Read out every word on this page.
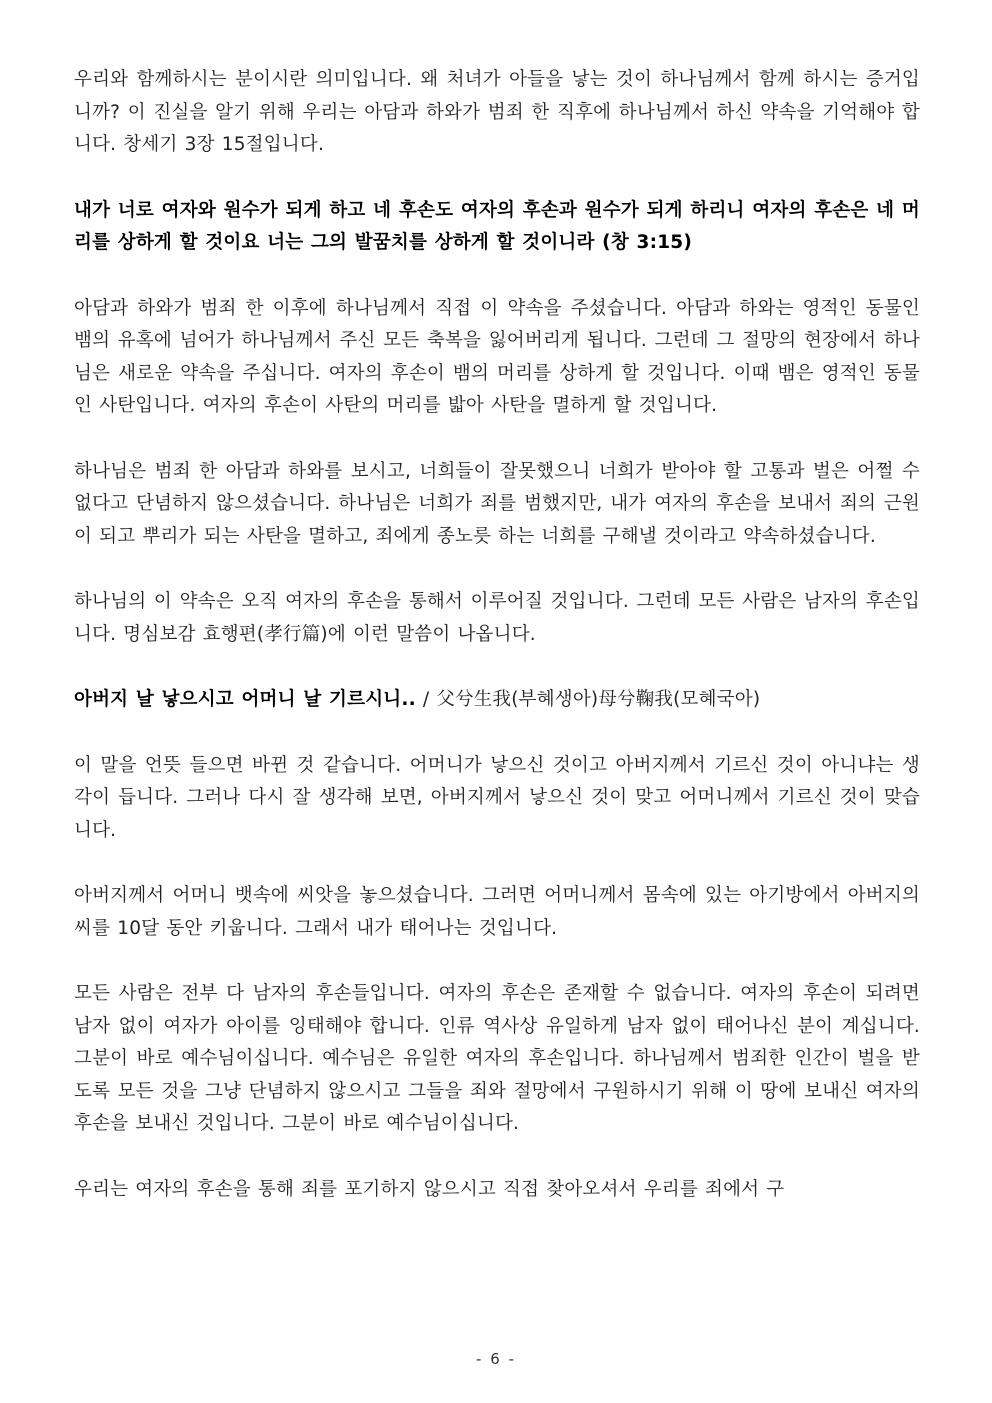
우리와 함께하시는 분이시란 의미입니다. 왜 처녀가 아들을 낳는 것이 하나님께서 함께 하시는 증거입니까? 이 진실을 알기 위해 우리는 아담과 하와가 범죄 한 직후에 하나님께서 하신 약속을 기억해야 합니다. 창세기 3장 15절입니다.

내가 너로 여자와 원수가 되게 하고 네 후손도 여자의 후손과 원수가 되게 하리니 여자의 후손은 네 머리를 상하게 할 것이요 너는 그의 발꿈치를 상하게 할 것이니라 (창 3:15)

아담과 하와가 범죄 한 이후에 하나님께서 직접 이 약속을 주셨습니다. 아담과 하와는 영적인 동물인 뱀의 유혹에 넘어가 하나님께서 주신 모든 축복을 잃어버리게 됩니다. 그런데 그 절망의 현장에서 하나님은 새로운 약속을 주십니다. 여자의 후손이 뱀의 머리를 상하게 할 것입니다. 이때 뱀은 영적인 동물인 사탄입니다. 여자의 후손이 사탄의 머리를 밟아 사탄을 멸하게 할 것입니다.

하나님은 범죄 한 아담과 하와를 보시고, 너희들이 잘못했으니 너희가 받아야 할 고통과 벌은 어쩔 수 없다고 단념하지 않으셨습니다. 하나님은 너희가 죄를 범했지만, 내가 여자의 후손을 보내서 죄의 근원이 되고 뿌리가 되는 사탄을 멸하고, 죄에게 종노릇 하는 너희를 구해낼 것이라고 약속하셨습니다.

하나님의 이 약속은 오직 여자의 후손을 통해서 이루어질 것입니다. 그런데 모든 사람은 남자의 후손입니다. 명심보감 효행편(孝行篇)에 이런 말씀이 나옵니다.

아버지 날 낳으시고 어머니 날 기르시니.. / 父兮生我(부혜생아)母兮鞠我(모혜국아)

이 말을 언뜻 들으면 바뀐 것 같습니다. 어머니가 낳으신 것이고 아버지께서 기르신 것이 아니냐는 생각이 듭니다. 그러나 다시 잘 생각해 보면, 아버지께서 낳으신 것이 맞고 어머니께서 기르신 것이 맞습니다.

아버지께서 어머니 뱃속에 씨앗을 놓으셨습니다. 그러면 어머니께서 몸속에 있는 아기방에서 아버지의 씨를 10달 동안 키웁니다. 그래서 내가 태어나는 것입니다.

모든 사람은 전부 다 남자의 후손들입니다. 여자의 후손은 존재할 수 없습니다. 여자의 후손이 되려면 남자 없이 여자가 아이를 잉태해야 합니다. 인류 역사상 유일하게 남자 없이 태어나신 분이 계십니다. 그분이 바로 예수님이십니다. 예수님은 유일한 여자의 후손입니다. 하나님께서 범죄한 인간이 벌을 받도록 모든 것을 그냥 단념하지 않으시고 그들을 죄와 절망에서 구원하시기 위해 이 땅에 보내신 여자의 후손을 보내신 것입니다. 그분이 바로 예수님이십니다.

우리는 여자의 후손을 통해 죄를 포기하지 않으시고 직접 찾아오셔서 우리를 죄에서 구

- 6 -
